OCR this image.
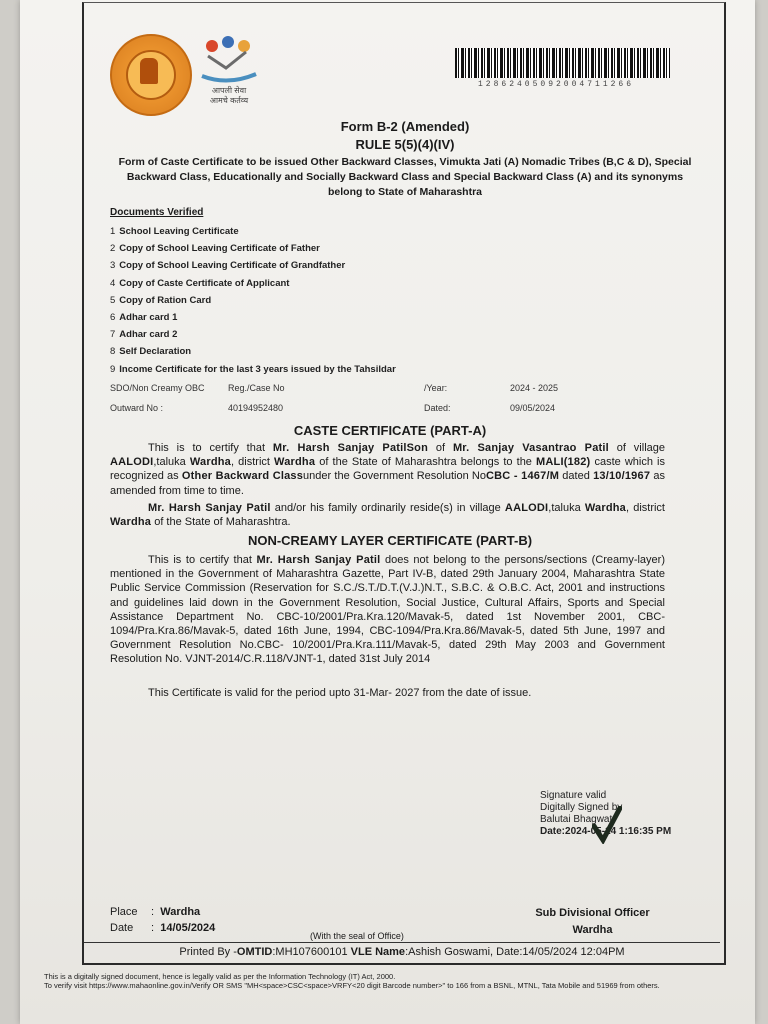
आपली सेवा
आमचे कर्तव्य
12862405092004711266
Form B-2 (Amended)
RULE 5(5)(4)(IV)
Form of Caste Certificate to be issued Other Backward Classes, Vimukta Jati (A) Nomadic Tribes (B,C & D), Special Backward Class, Educationally and Socially Backward Class and Special Backward Class (A) and its synonyms belong to State of Maharashtra
Documents Verified
1 School Leaving Certificate
2 Copy of School Leaving Certificate of Father
3 Copy of School Leaving Certificate of Grandfather
4 Copy of Caste Certificate of Applicant
5 Copy of Ration Card
6 Adhar card 1
7 Adhar card 2
8 Self Declaration
9 Income Certificate for the last 3 years issued by the Tahsildar
SDO/Non Creamy OBC	Reg./Case No	/Year:	2024 - 2025
Outward No :	40194952480	Dated:	09/05/2024
CASTE CERTIFICATE (PART-A)
This is to certify that Mr. Harsh Sanjay PatilSon of Mr. Sanjay Vasantrao Patil of village AALODI,taluka Wardha, district Wardha of the State of Maharashtra belongs to the MALI(182) caste which is recognized as Other Backward Classunder the Government Resolution NoCBC - 1467/M dated 13/10/1967 as amended from time to time.
Mr. Harsh Sanjay Patil and/or his family ordinarily reside(s) in village AALODI,taluka Wardha, district Wardha of the State of Maharashtra.
NON-CREAMY LAYER CERTIFICATE (PART-B)
This is to certify that Mr. Harsh Sanjay Patil does not belong to the persons/sections (Creamy-layer) mentioned in the Government of Maharashtra Gazette, Part IV-B, dated 29th January 2004, Maharashtra State Public Service Commission (Reservation for S.C./S.T./D.T.(V.J.)N.T., S.B.C. & O.B.C. Act, 2001 and instructions and guidelines laid down in the Government Resolution, Social Justice, Cultural Affairs, Sports and Special Assistance Department No. CBC-10/2001/Pra.Kra.120/Mavak-5, dated 1st November 2001, CBC-1094/Pra.Kra.86/Mavak-5, dated 16th June, 1994, CBC-1094/Pra.Kra.86/Mavak-5, dated 5th June, 1997 and Government Resolution No.CBC- 10/2001/Pra.Kra.111/Mavak-5, dated 29th May 2003 and Government Resolution No. VJNT-2014/C.R.118/VJNT-1, dated 31st July 2014
This Certificate is valid for the period upto 31-Mar- 2027 from the date of issue.
Signature valid
Digitally Signed by
Balutai Bhagwat
Date:2024-05-14 1:16:35 PM
Place :  Wardha
Date :  14/05/2024
(With the seal of Office)
Sub Divisional Officer
Wardha
Printed By -OMTID:MH107600101 VLE Name:Ashish Goswami, Date:14/05/2024 12:04PM
This is a digitally signed document, hence is legally valid as per the Information Technology (IT) Act, 2000.
To verify visit https://www.mahaonline.gov.in/Verify OR SMS "MH<space>CSC<space>VRFY<20 digit Barcode number>" to 166 from a BSNL, MTNL, Tata Mobile and 51969 from others.
